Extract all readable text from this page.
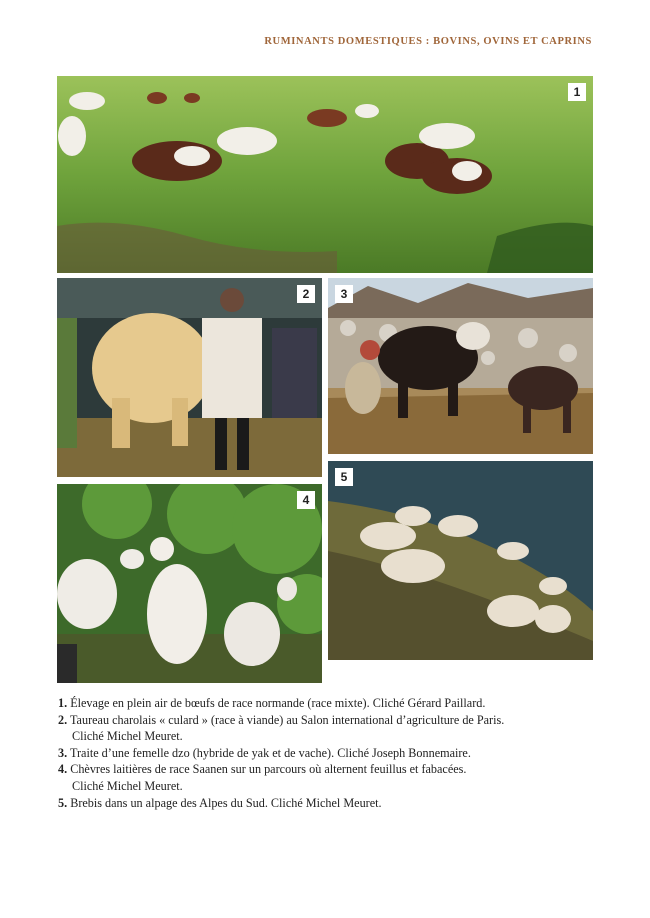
RUMINANTS DOMESTIQUES : BOVINS, OVINS ET CAPRINS
1
2	3
4
5
1. Élevage en plein air de bœufs de race normande (race mixte). Cliché Gérard Paillard.
2. Taureau charolais « culard » (race à viande) au Salon international d’agriculture de Paris.
Cliché Michel Meuret.
3. Traite d’une femelle dzo (hybride de yak et de vache). Cliché Joseph Bonnemaire.
4. Chèvres laitières de race Saanen sur un parcours où alternent feuillus et fabacées.
Cliché Michel Meuret.
5. Brebis dans un alpage des Alpes du Sud. Cliché Michel Meuret.
